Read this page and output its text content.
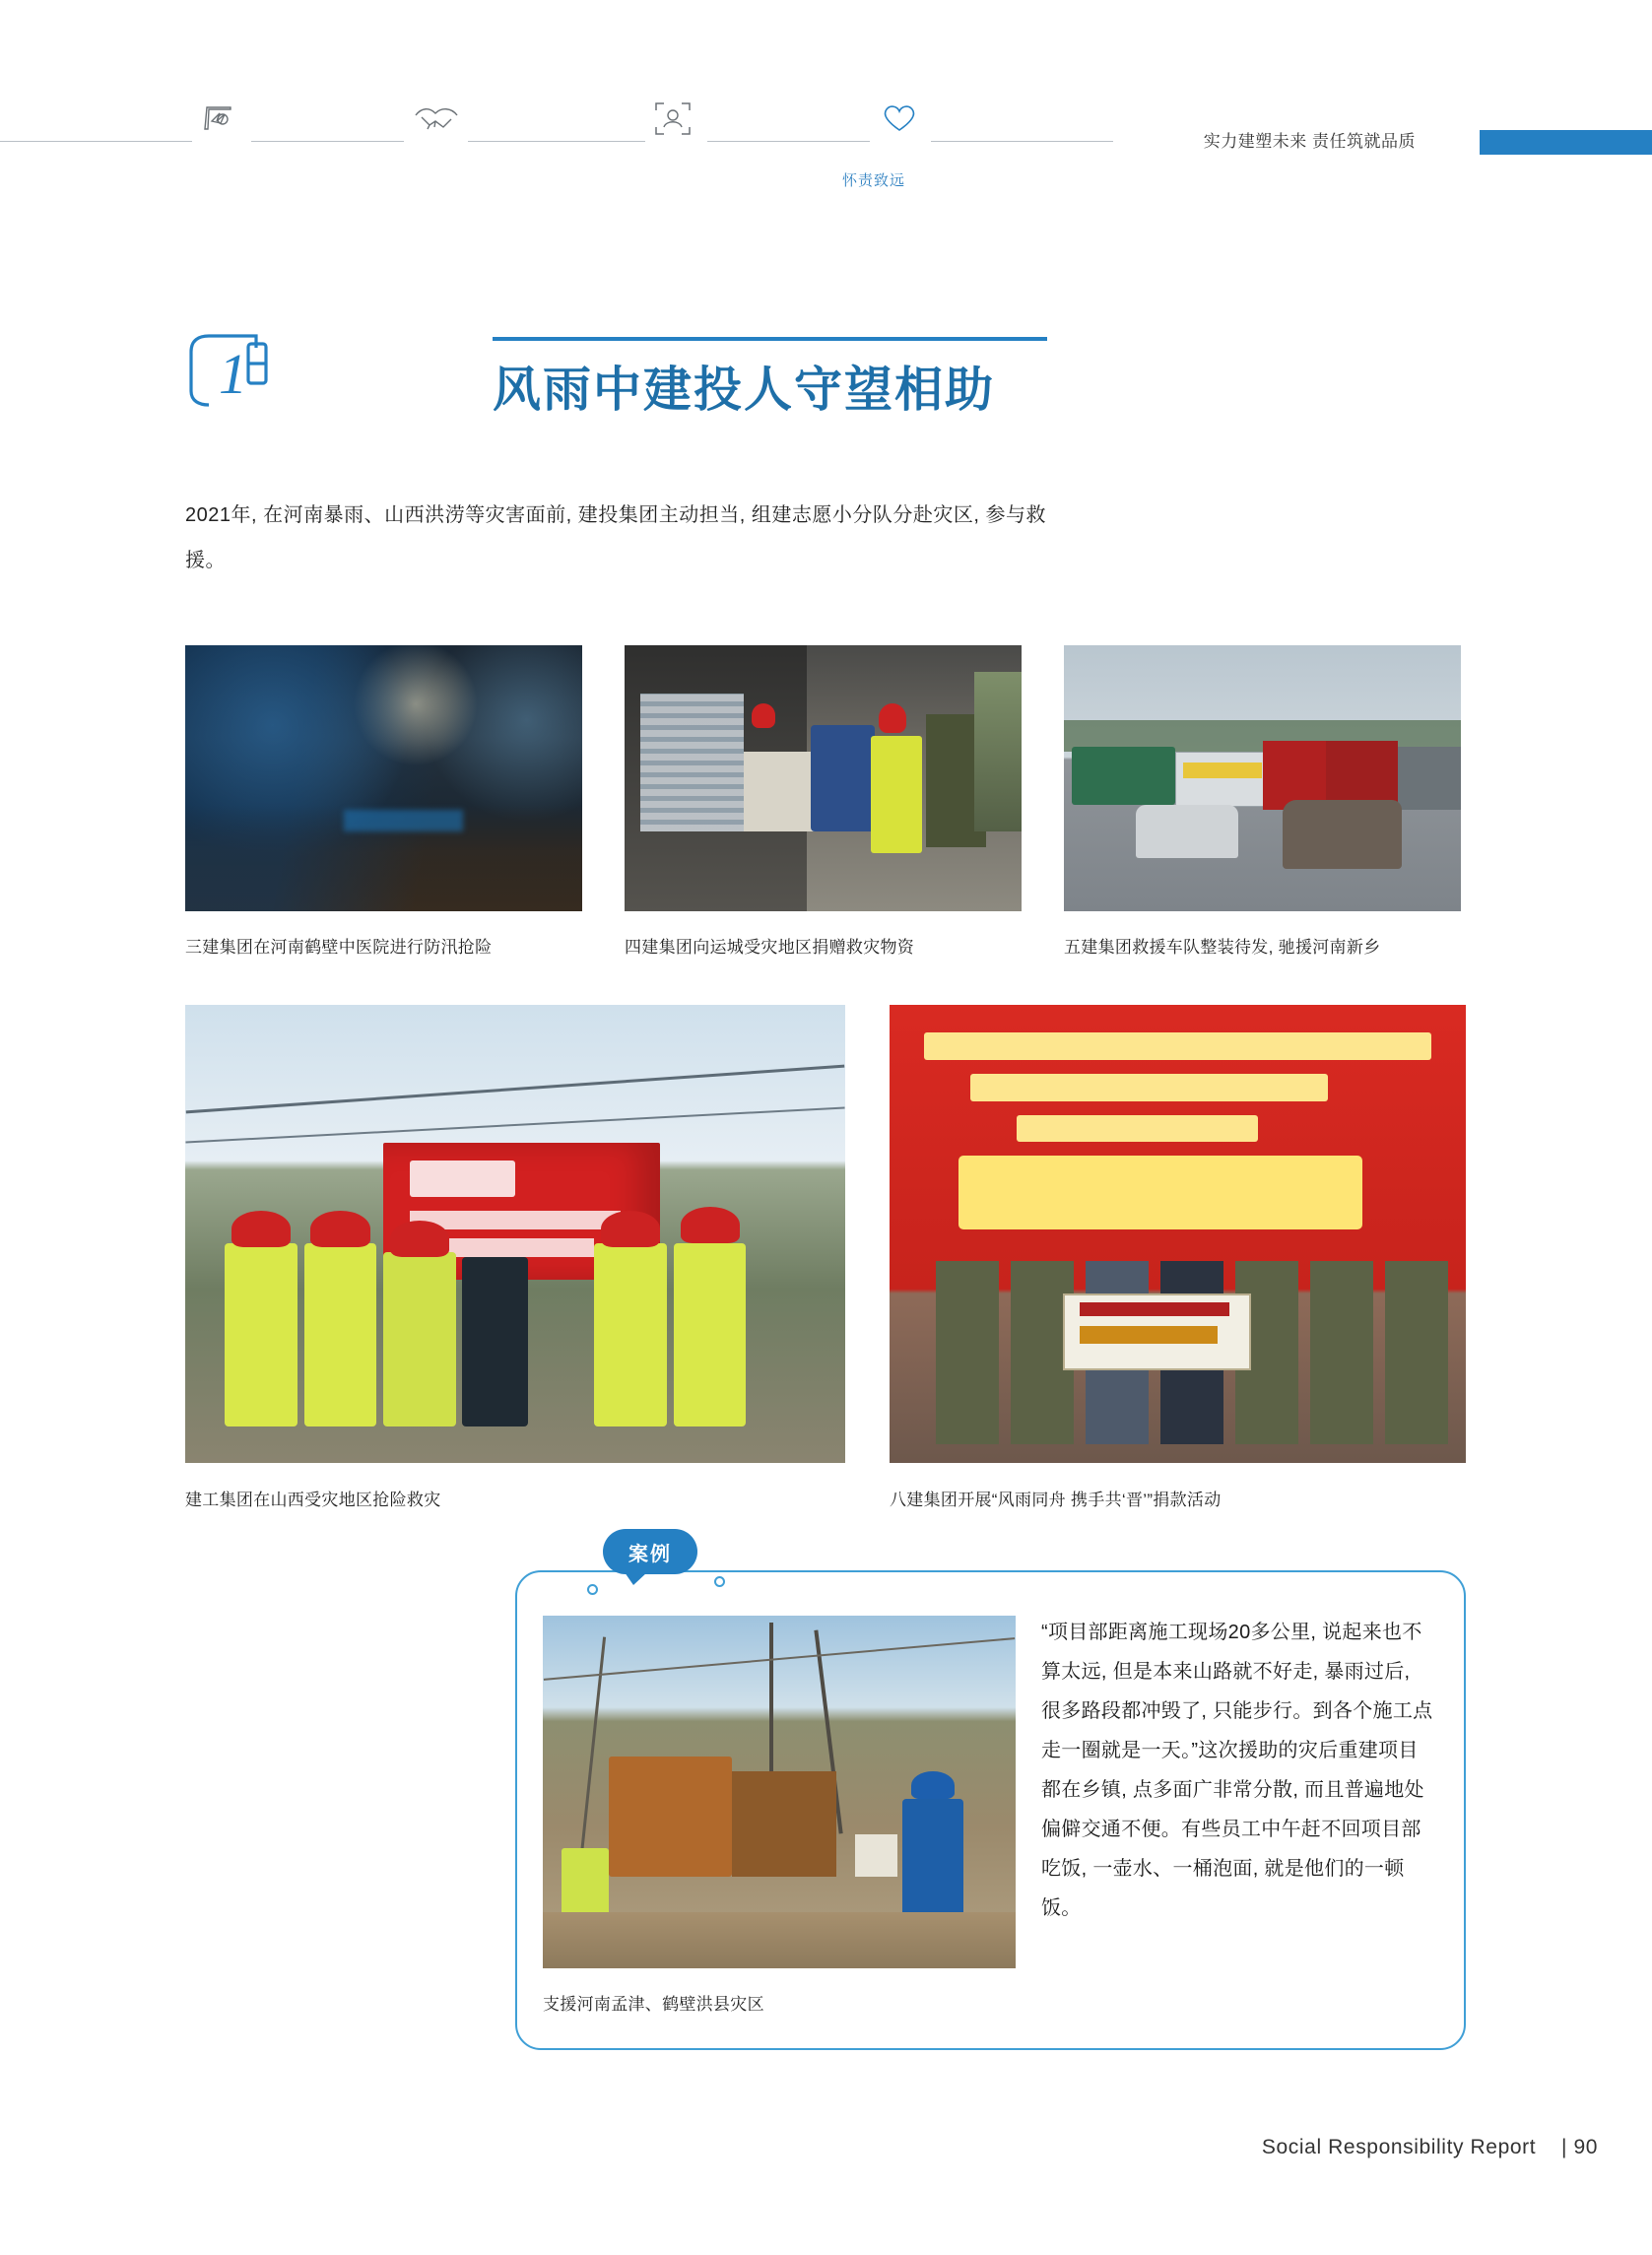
怀责致远
实力建塑未来 责任筑就品质
1	风雨中建投人守望相助
2021年, 在河南暴雨、山西洪涝等灾害面前, 建投集团主动担当, 组建志愿小分队分赴灾区, 参与救援。
三建集团在河南鹤壁中医院进行防汛抢险	四建集团向运城受灾地区捐赠救灾物资	五建集团救援车队整装待发, 驰援河南新乡
建工集团在山西受灾地区抢险救灾	八建集团开展“风雨同舟 携手共‘晋’”捐款活动
案例
支援河南孟津、鹤壁洪县灾区
“项目部距离施工现场20多公里, 说起来也不算太远, 但是本来山路就不好走, 暴雨过后, 很多路段都冲毁了, 只能步行。到各个施工点走一圈就是一天。”这次援助的灾后重建项目都在乡镇, 点多面广非常分散, 而且普遍地处偏僻交通不便。有些员工中午赶不回项目部吃饭, 一壶水、一桶泡面, 就是他们的一顿饭。
Social Responsibility Report | 90
